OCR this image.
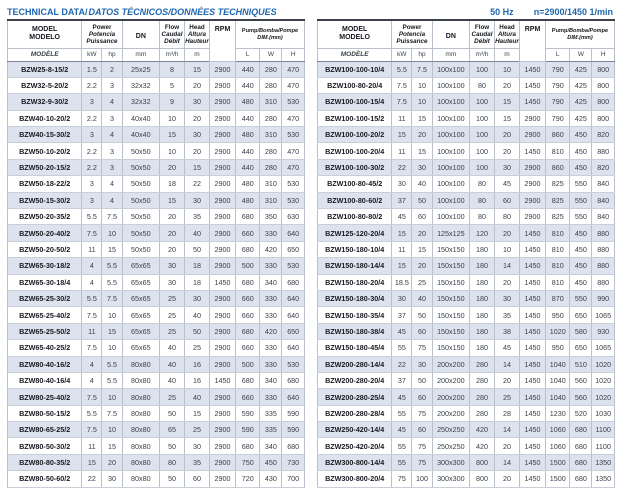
TECHNICAL DATA/ DATOS TÉCNICOS/DONNÉES TECHNIQUES
MODEL
MODELO	Power
Potencia
Puissance		DN	Flow
Caudal
Débit	Head
Altura
Hauteur	RPM	Pump/Bomba/Pompe
DIM.(mm)		

MODÈLE	kW	hp	mm	m³/h	m		L	W	H
BZW25-8-15/2	1.5	2	25x25	8	15	2900	440	280	470
BZW32-5-20/2	2.2	3	32x32	5	20	2900	440	280	470
BZW32-9-30/2	3	4	32x32	9	30	2900	480	310	530
BZW40-10-20/2	2.2	3	40x40	10	20	2900	440	280	470
BZW40-15-30/2	3	4	40x40	15	30	2900	480	310	530
BZW50-10-20/2	2.2	3	50x50	10	20	2900	440	280	470
BZW50-20-15/2	2.2	3	50x50	20	15	2900	440	280	470
BZW50-18-22/2	3	4	50x50	18	22	2900	480	310	530
BZW50-15-30/2	3	4	50x50	15	30	2900	480	310	530
BZW50-20-35/2	5.5	7.5	50x50	20	35	2900	680	350	630
BZW50-20-40/2	7.5	10	50x50	20	40	2900	660	330	640
BZW50-20-50/2	11	15	50x50	20	50	2900	680	420	650
BZW65-30-18/2	4	5.5	65x65	30	18	2900	500	330	530
BZW65-30-18/4	4	5.5	65x65	30	18	1450	680	340	680
BZW65-25-30/2	5.5	7.5	65x65	25	30	2900	660	330	640
BZW65-25-40/2	7.5	10	65x65	25	40	2900	660	330	640
BZW65-25-50/2	11	15	65x65	25	50	2900	680	420	650
BZW65-40-25/2	7.5	10	65x65	40	25	2900	660	330	640
BZW80-40-16/2	4	5.5	80x80	40	16	2900	500	330	530
BZW80-40-16/4	4	5.5	80x80	40	16	1450	680	340	680
BZW80-25-40/2	7.5	10	80x80	25	40	2900	660	330	640
BZW80-50-15/2	5.5	7.5	80x80	50	15	2900	590	335	590
BZW80-65-25/2	7.5	10	80x80	65	25	2900	590	335	590
BZW80-50-30/2	11	15	80x80	50	30	2900	680	340	680
BZW80-80-35/2	15	20	80x80	80	35	2900	750	450	730
BZW80-50-60/2	22	30	80x80	50	60	2900	720	430	700
50 Hz n=2900/1450 1/min
MODEL
MODELO	Power
Potencia
Puissance		DN	Flow
Caudal
Débit	Head
Altura
Hauteur	RPM	Pump/Bomba/Pompe
DIM.(mm)		

MODÈLE	kW	hp	mm	m³/h	m		L	W	H
BZW100-100-10/4	5.5	7.5	100x100	100	10	1450	790	425	800
BZW100-80-20/4	7.5	10	100x100	80	20	1450	790	425	800
BZW100-100-15/4	7.5	10	100x100	100	15	1450	790	425	800
BZW100-100-15/2	11	15	100x100	100	15	2900	790	425	800
BZW100-100-20/2	15	20	100x100	100	20	2900	860	450	820
BZW100-100-20/4	11	15	100x100	100	20	1450	810	450	880
BZW100-100-30/2	22	30	100x100	100	30	2900	860	450	820
BZW100-80-45/2	30	40	100x100	80	45	2900	825	550	840
BZW100-80-60/2	37	50	100x100	80	60	2900	825	550	840
BZW100-80-80/2	45	60	100x100	80	80	2900	825	550	840
BZW125-120-20/4	15	20	125x125	120	20	1450	810	450	880
BZW150-180-10/4	11	15	150x150	180	10	1450	810	450	880
BZW150-180-14/4	15	20	150x150	180	14	1450	810	450	880
BZW150-180-20/4	18.5	25	150x150	180	20	1450	810	450	880
BZW150-180-30/4	30	40	150x150	180	30	1450	870	550	990
BZW150-180-35/4	37	50	150x150	180	35	1450	950	650	1065
BZW150-180-38/4	45	60	150x150	180	38	1450	1020	580	930
BZW150-180-45/4	55	75	150x150	180	45	1450	950	650	1065
BZW200-280-14/4	22	30	200x200	280	14	1450	1040	510	1020
BZW200-280-20/4	37	50	200x200	280	20	1450	1040	560	1020
BZW200-280-25/4	45	60	200x200	280	25	1450	1040	560	1020
BZW200-280-28/4	55	75	200x200	280	28	1450	1230	520	1030
BZW250-420-14/4	45	60	250x250	420	14	1450	1060	680	1100
BZW250-420-20/4	55	75	250x250	420	20	1450	1060	680	1100
BZW300-800-14/4	55	75	300x300	800	14	1450	1500	680	1350
BZW300-800-20/4	75	100	300x300	800	20	1450	1500	680	1350
